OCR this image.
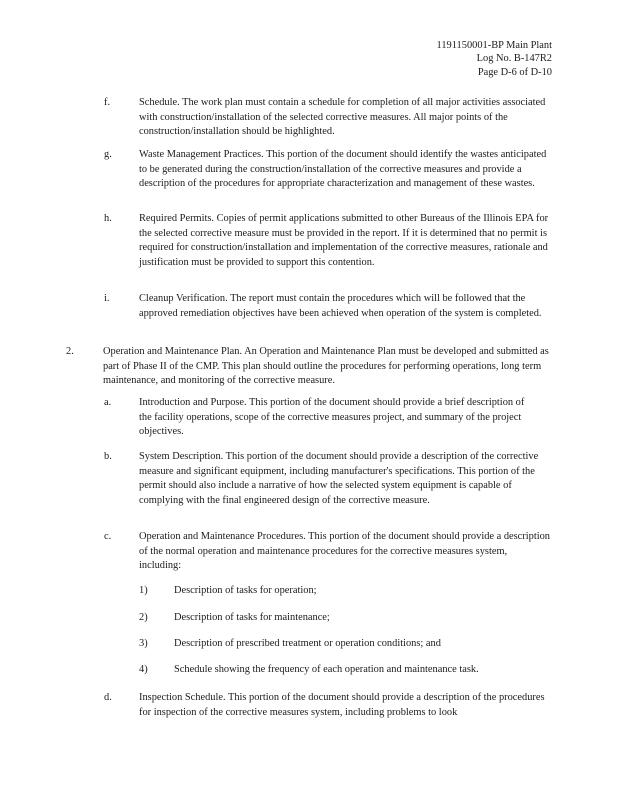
1191150001-BP Main Plant
Log No. B-147R2
Page D-6 of D-10
f.	Schedule. The work plan must contain a schedule for completion of all major activities associated with construction/installation of the selected corrective measures. All major points of the construction/installation should be highlighted.
g.	Waste Management Practices. This portion of the document should identify the wastes anticipated to be generated during the construction/installation of the corrective measures and provide a description of the procedures for appropriate characterization and management of these wastes.
h.	Required Permits. Copies of permit applications submitted to other Bureaus of the Illinois EPA for the selected corrective measure must be provided in the report. If it is determined that no permit is required for construction/installation and implementation of the corrective measures, rationale and justification must be provided to support this contention.
i.	Cleanup Verification. The report must contain the procedures which will be followed that the approved remediation objectives have been achieved when operation of the system is completed.
2.	Operation and Maintenance Plan. An Operation and Maintenance Plan must be developed and submitted as part of Phase II of the CMP. This plan should outline the procedures for performing operations, long term maintenance, and monitoring of the corrective measure.
a.	Introduction and Purpose. This portion of the document should provide a brief description of the facility operations, scope of the corrective measures project, and summary of the project objectives.
b.	System Description. This portion of the document should provide a description of the corrective measure and significant equipment, including manufacturer's specifications. This portion of the permit should also include a narrative of how the selected system equipment is capable of complying with the final engineered design of the corrective measure.
c.	Operation and Maintenance Procedures. This portion of the document should provide a description of the normal operation and maintenance procedures for the corrective measures system, including:
1)	Description of tasks for operation;
2)	Description of tasks for maintenance;
3)	Description of prescribed treatment or operation conditions; and
4)	Schedule showing the frequency of each operation and maintenance task.
d.	Inspection Schedule. This portion of the document should provide a description of the procedures for inspection of the corrective measures system, including problems to look
